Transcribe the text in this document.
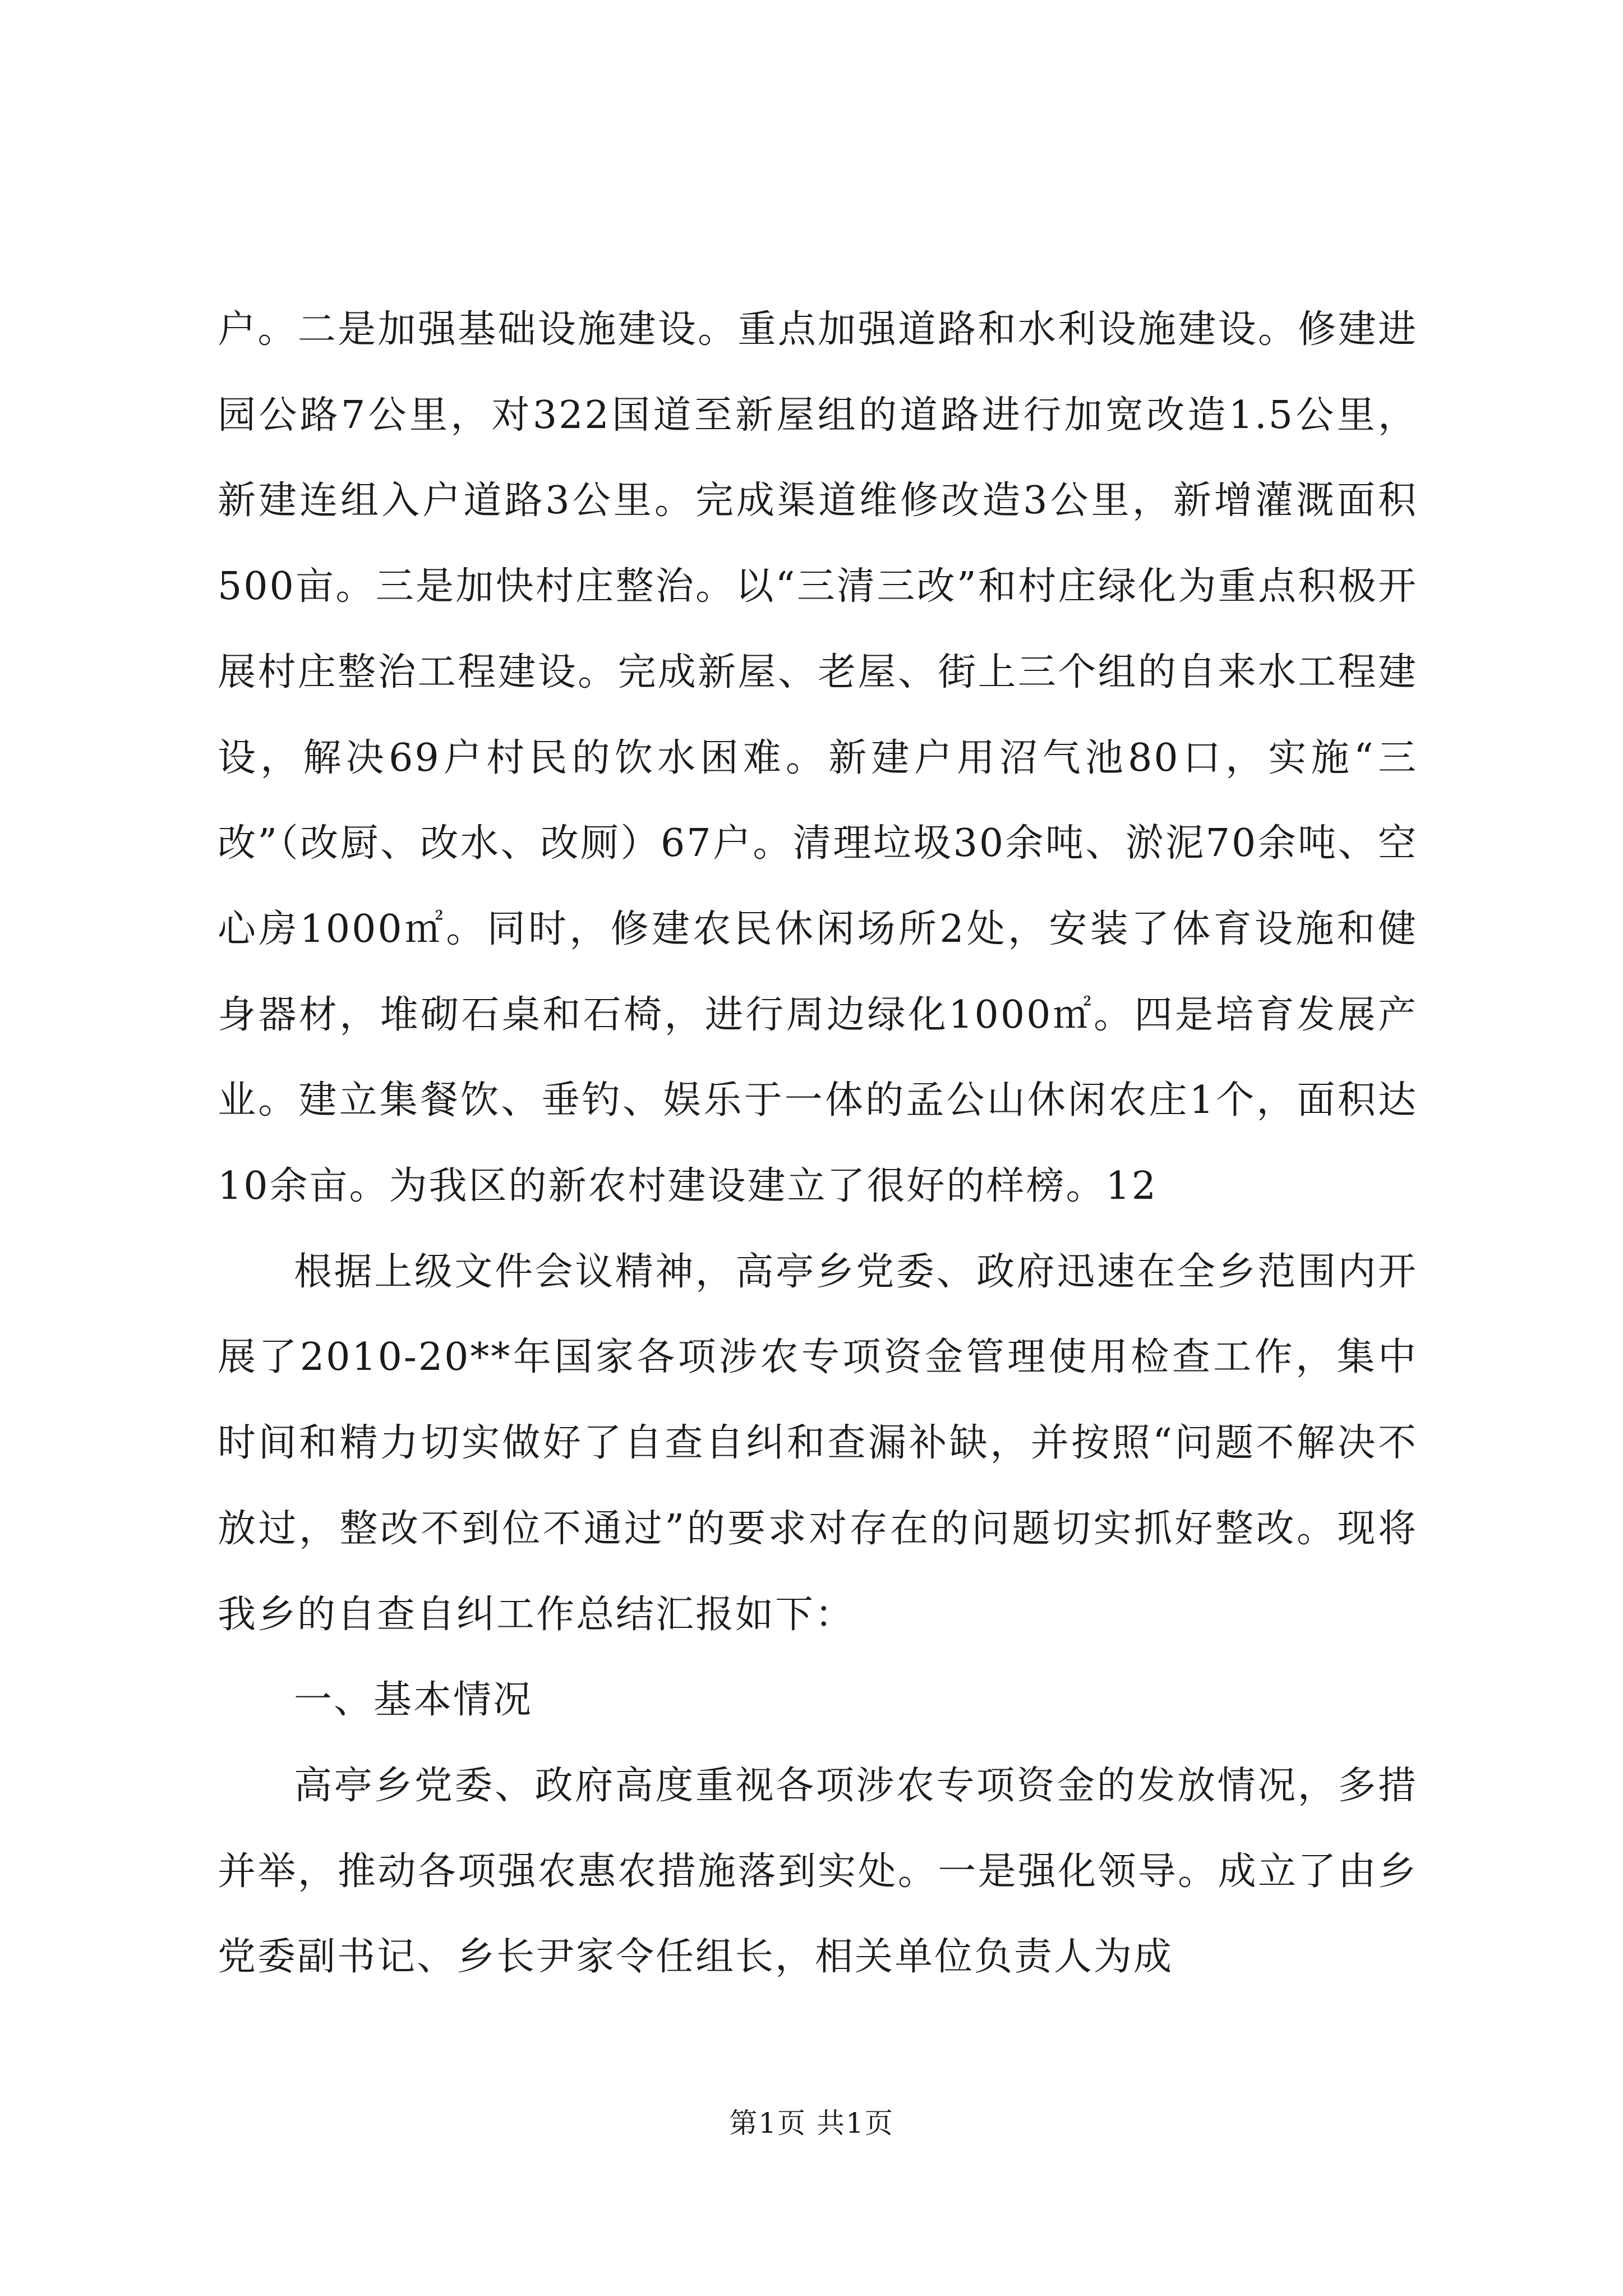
户。二是加强基础设施建设。重点加强道路和水利设施建设。修建进园公路7公里，对322国道至新屋组的道路进行加宽改造1.5公里，新建连组入户道路3公里。完成渠道维修改造3公里，新增灌溉面积500亩。三是加快村庄整治。以“三清三改”和村庄绿化为重点积极开展村庄整治工程建设。完成新屋、老屋、街上三个组的自来水工程建设，解决69户村民的饮水困难。新建户用沼气池80口，实施“三改”（改厨、改水、改厕）67户。清理垃圾30余吨、淤泥70余吨、空心房1000㎡。同时，修建农民休闲场所2处，安装了体育设施和健身器材，堆砌石桌和石椅，进行周边绿化1000㎡。四是培育发展产业。建立集餐饮、垂钓、娱乐于一体的孟公山休闲农庄1个，面积达10余亩。为我区的新农村建设建立了很好的样榜。12

根据上级文件会议精神，高亭乡党委、政府迅速在全乡范围内开展了2010-20**年国家各项涉农专项资金管理使用检查工作，集中时间和精力切实做好了自查自纠和查漏补缺，并按照“问题不解决不放过，整改不到位不通过”的要求对存在的问题切实抓好整改。现将我乡的自查自纠工作总结汇报如下：

一、基本情况

高亭乡党委、政府高度重视各项涉农专项资金的发放情况，多措并举，推动各项强农惠农措施落到实处。一是强化领导。成立了由乡党委副书记、乡长尹家令任组长，相关单位负责人为成

第1页 共1页
